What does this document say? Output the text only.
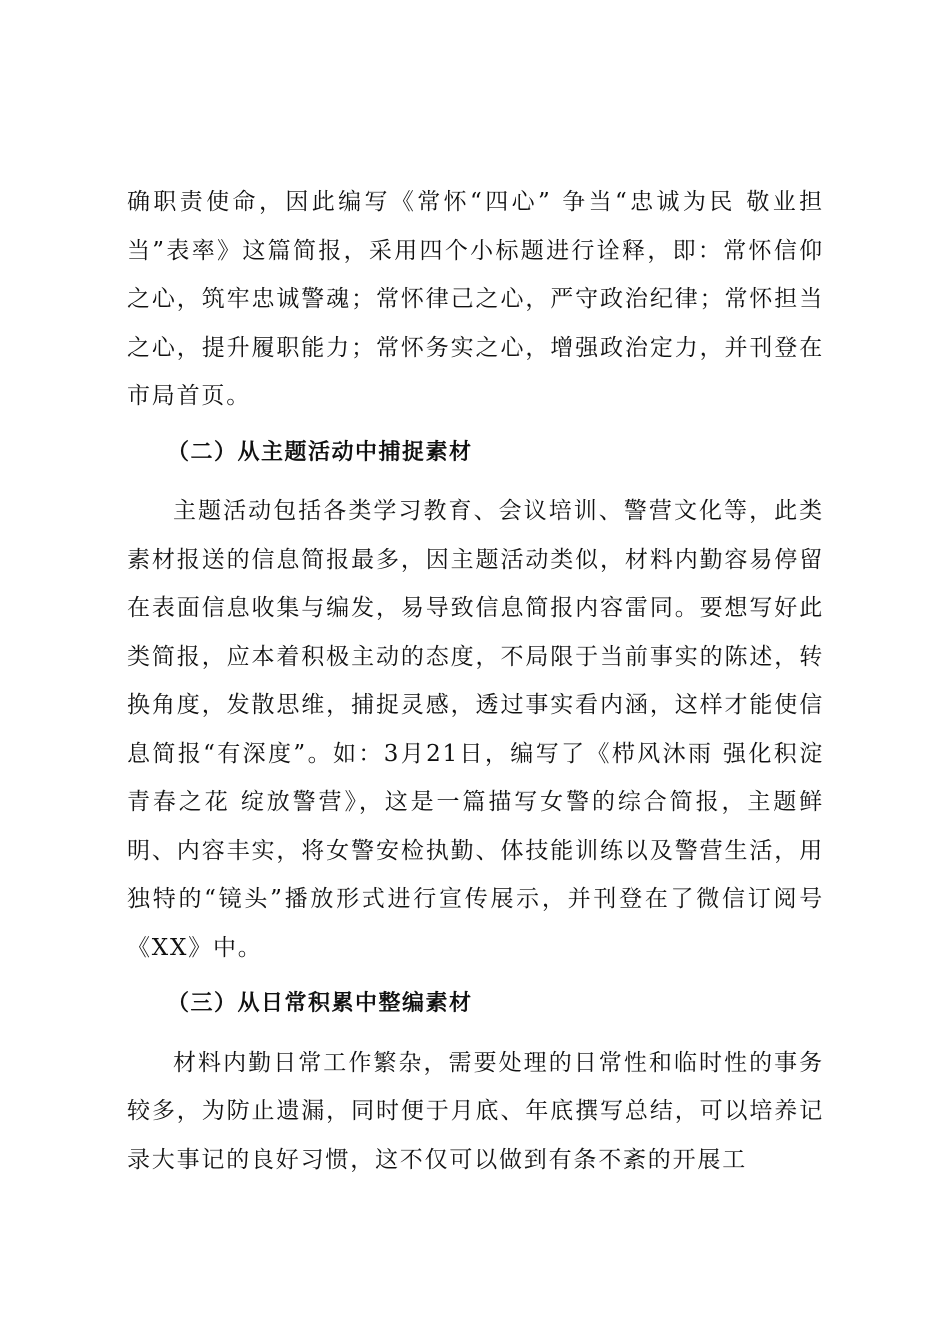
确职责使命，因此编写《常怀“四心” 争当“忠诚为民 敬业担当”表率》这篇简报，采用四个小标题进行诠释，即：常怀信仰之心，筑牢忠诚警魂；常怀律己之心，严守政治纪律；常怀担当之心，提升履职能力；常怀务实之心，增强政治定力，并刊登在市局首页。

（二）从主题活动中捕捉素材

主题活动包括各类学习教育、会议培训、警营文化等，此类素材报送的信息简报最多，因主题活动类似，材料内勤容易停留在表面信息收集与编发，易导致信息简报内容雷同。要想写好此类简报，应本着积极主动的态度，不局限于当前事实的陈述，转换角度，发散思维，捕捉灵感，透过事实看内涵，这样才能使信息简报“有深度”。如：3月21日，编写了《栉风沐雨 强化积淀 青春之花 绽放警营》，这是一篇描写女警的综合简报，主题鲜明、内容丰实，将女警安检执勤、体技能训练以及警营生活，用独特的“镜头”播放形式进行宣传展示，并刊登在了微信订阅号《XX》中。

（三）从日常积累中整编素材

材料内勤日常工作繁杂，需要处理的日常性和临时性的事务较多，为防止遗漏，同时便于月底、年底撰写总结，可以培养记录大事记的良好习惯，这不仅可以做到有条不紊的开展工
